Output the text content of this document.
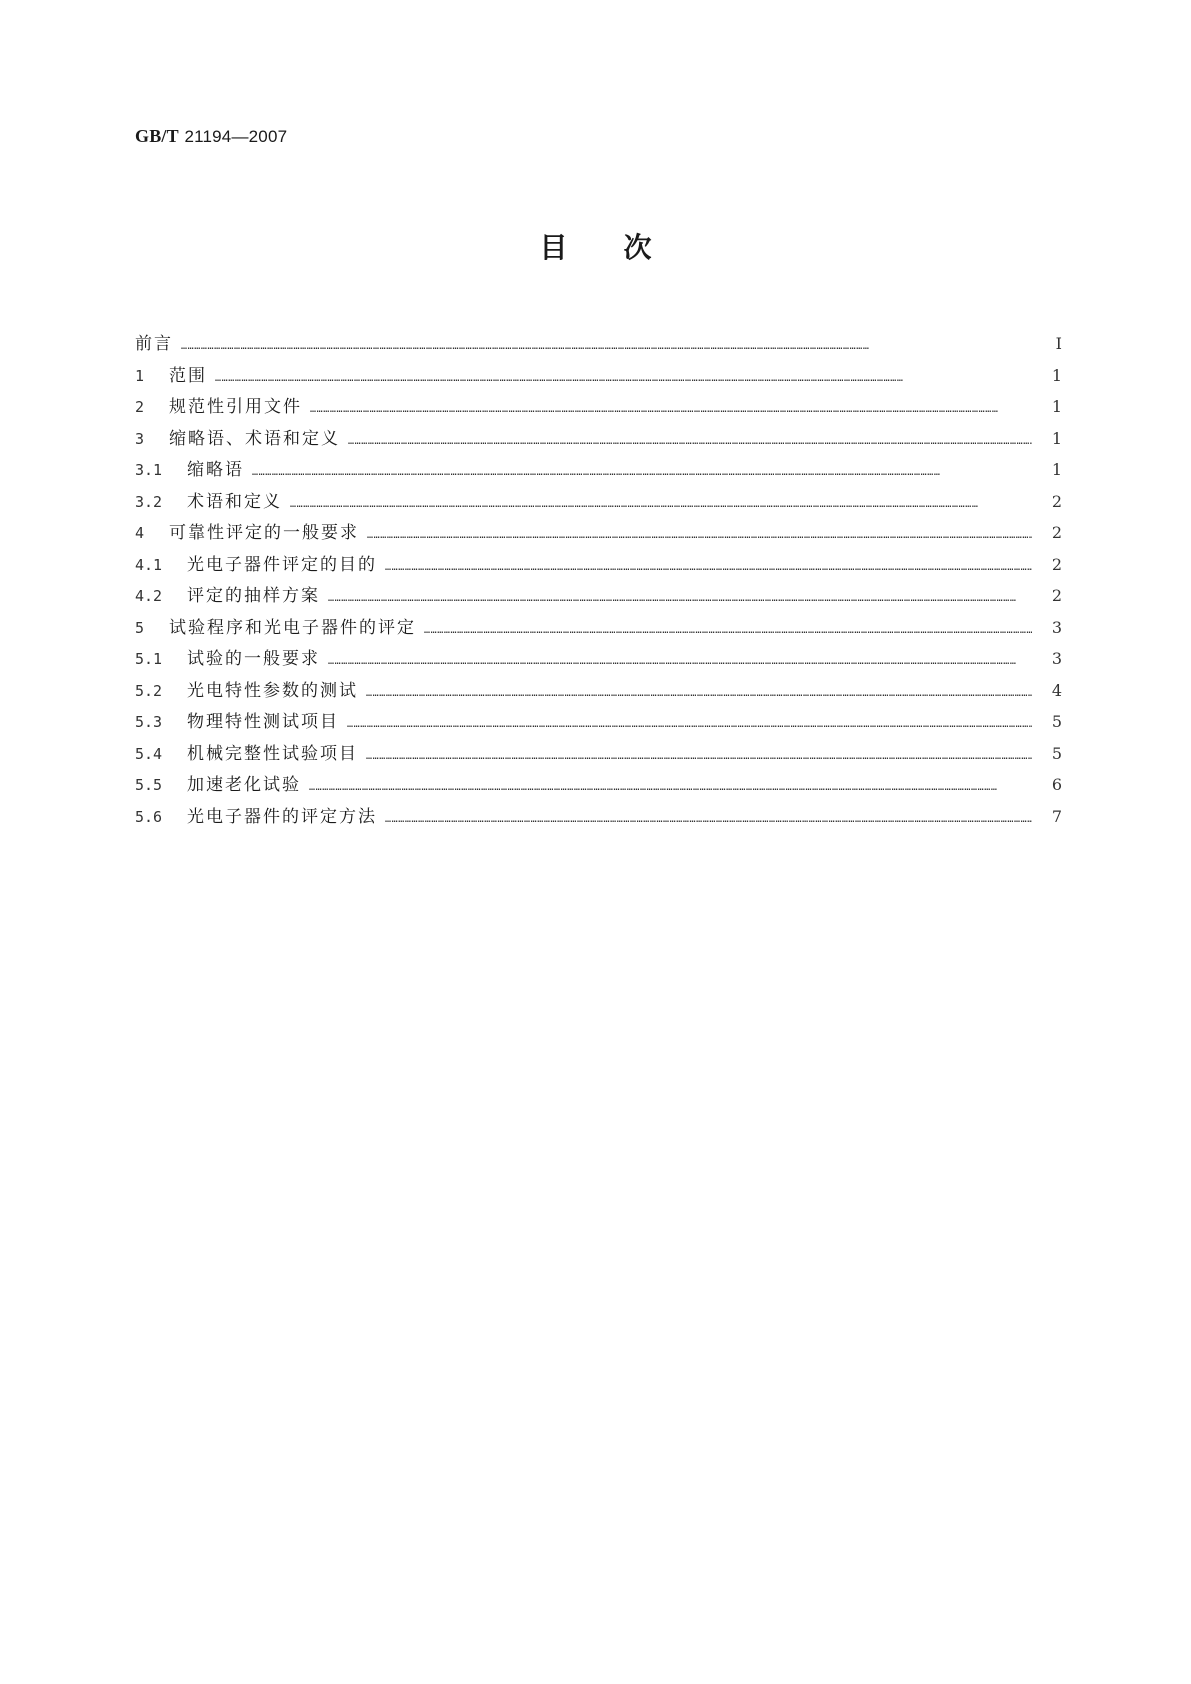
GB/T 21194—2007
目次
前言 ……………………………………………………………………………………………………………………………………………………………………………………………………………………………………………………………………………………	I
1	范围 ……………………………………………………………………………………………………………………………………………………………………………………………………………………………………………………………………………………	1
2	规范性引用文件 ……………………………………………………………………………………………………………………………………………………………………………………………………………………………………………………………………………………	1
3	缩略语、术语和定义 ……………………………………………………………………………………………………………………………………………………………………………………………………………………………………………………………………………………	1
3.1	缩略语 ……………………………………………………………………………………………………………………………………………………………………………………………………………………………………………………………………………………	1
3.2	术语和定义 ……………………………………………………………………………………………………………………………………………………………………………………………………………………………………………………………………………………	2
4	可靠性评定的一般要求 ……………………………………………………………………………………………………………………………………………………………………………………………………………………………………………………………………………………	2
4.1	光电子器件评定的目的 ……………………………………………………………………………………………………………………………………………………………………………………………………………………………………………………………………………………	2
4.2	评定的抽样方案 ……………………………………………………………………………………………………………………………………………………………………………………………………………………………………………………………………………………	2
5	试验程序和光电子器件的评定 ……………………………………………………………………………………………………………………………………………………………………………………………………………………………………………………………………………………	3
5.1	试验的一般要求 ……………………………………………………………………………………………………………………………………………………………………………………………………………………………………………………………………………………	3
5.2	光电特性参数的测试 ……………………………………………………………………………………………………………………………………………………………………………………………………………………………………………………………………………………	4
5.3	物理特性测试项目 ……………………………………………………………………………………………………………………………………………………………………………………………………………………………………………………………………………………	5
5.4	机械完整性试验项目 ……………………………………………………………………………………………………………………………………………………………………………………………………………………………………………………………………………………	5
5.5	加速老化试验 ……………………………………………………………………………………………………………………………………………………………………………………………………………………………………………………………………………………	6
5.6	光电子器件的评定方法 ……………………………………………………………………………………………………………………………………………………………………………………………………………………………………………………………………………………	7
